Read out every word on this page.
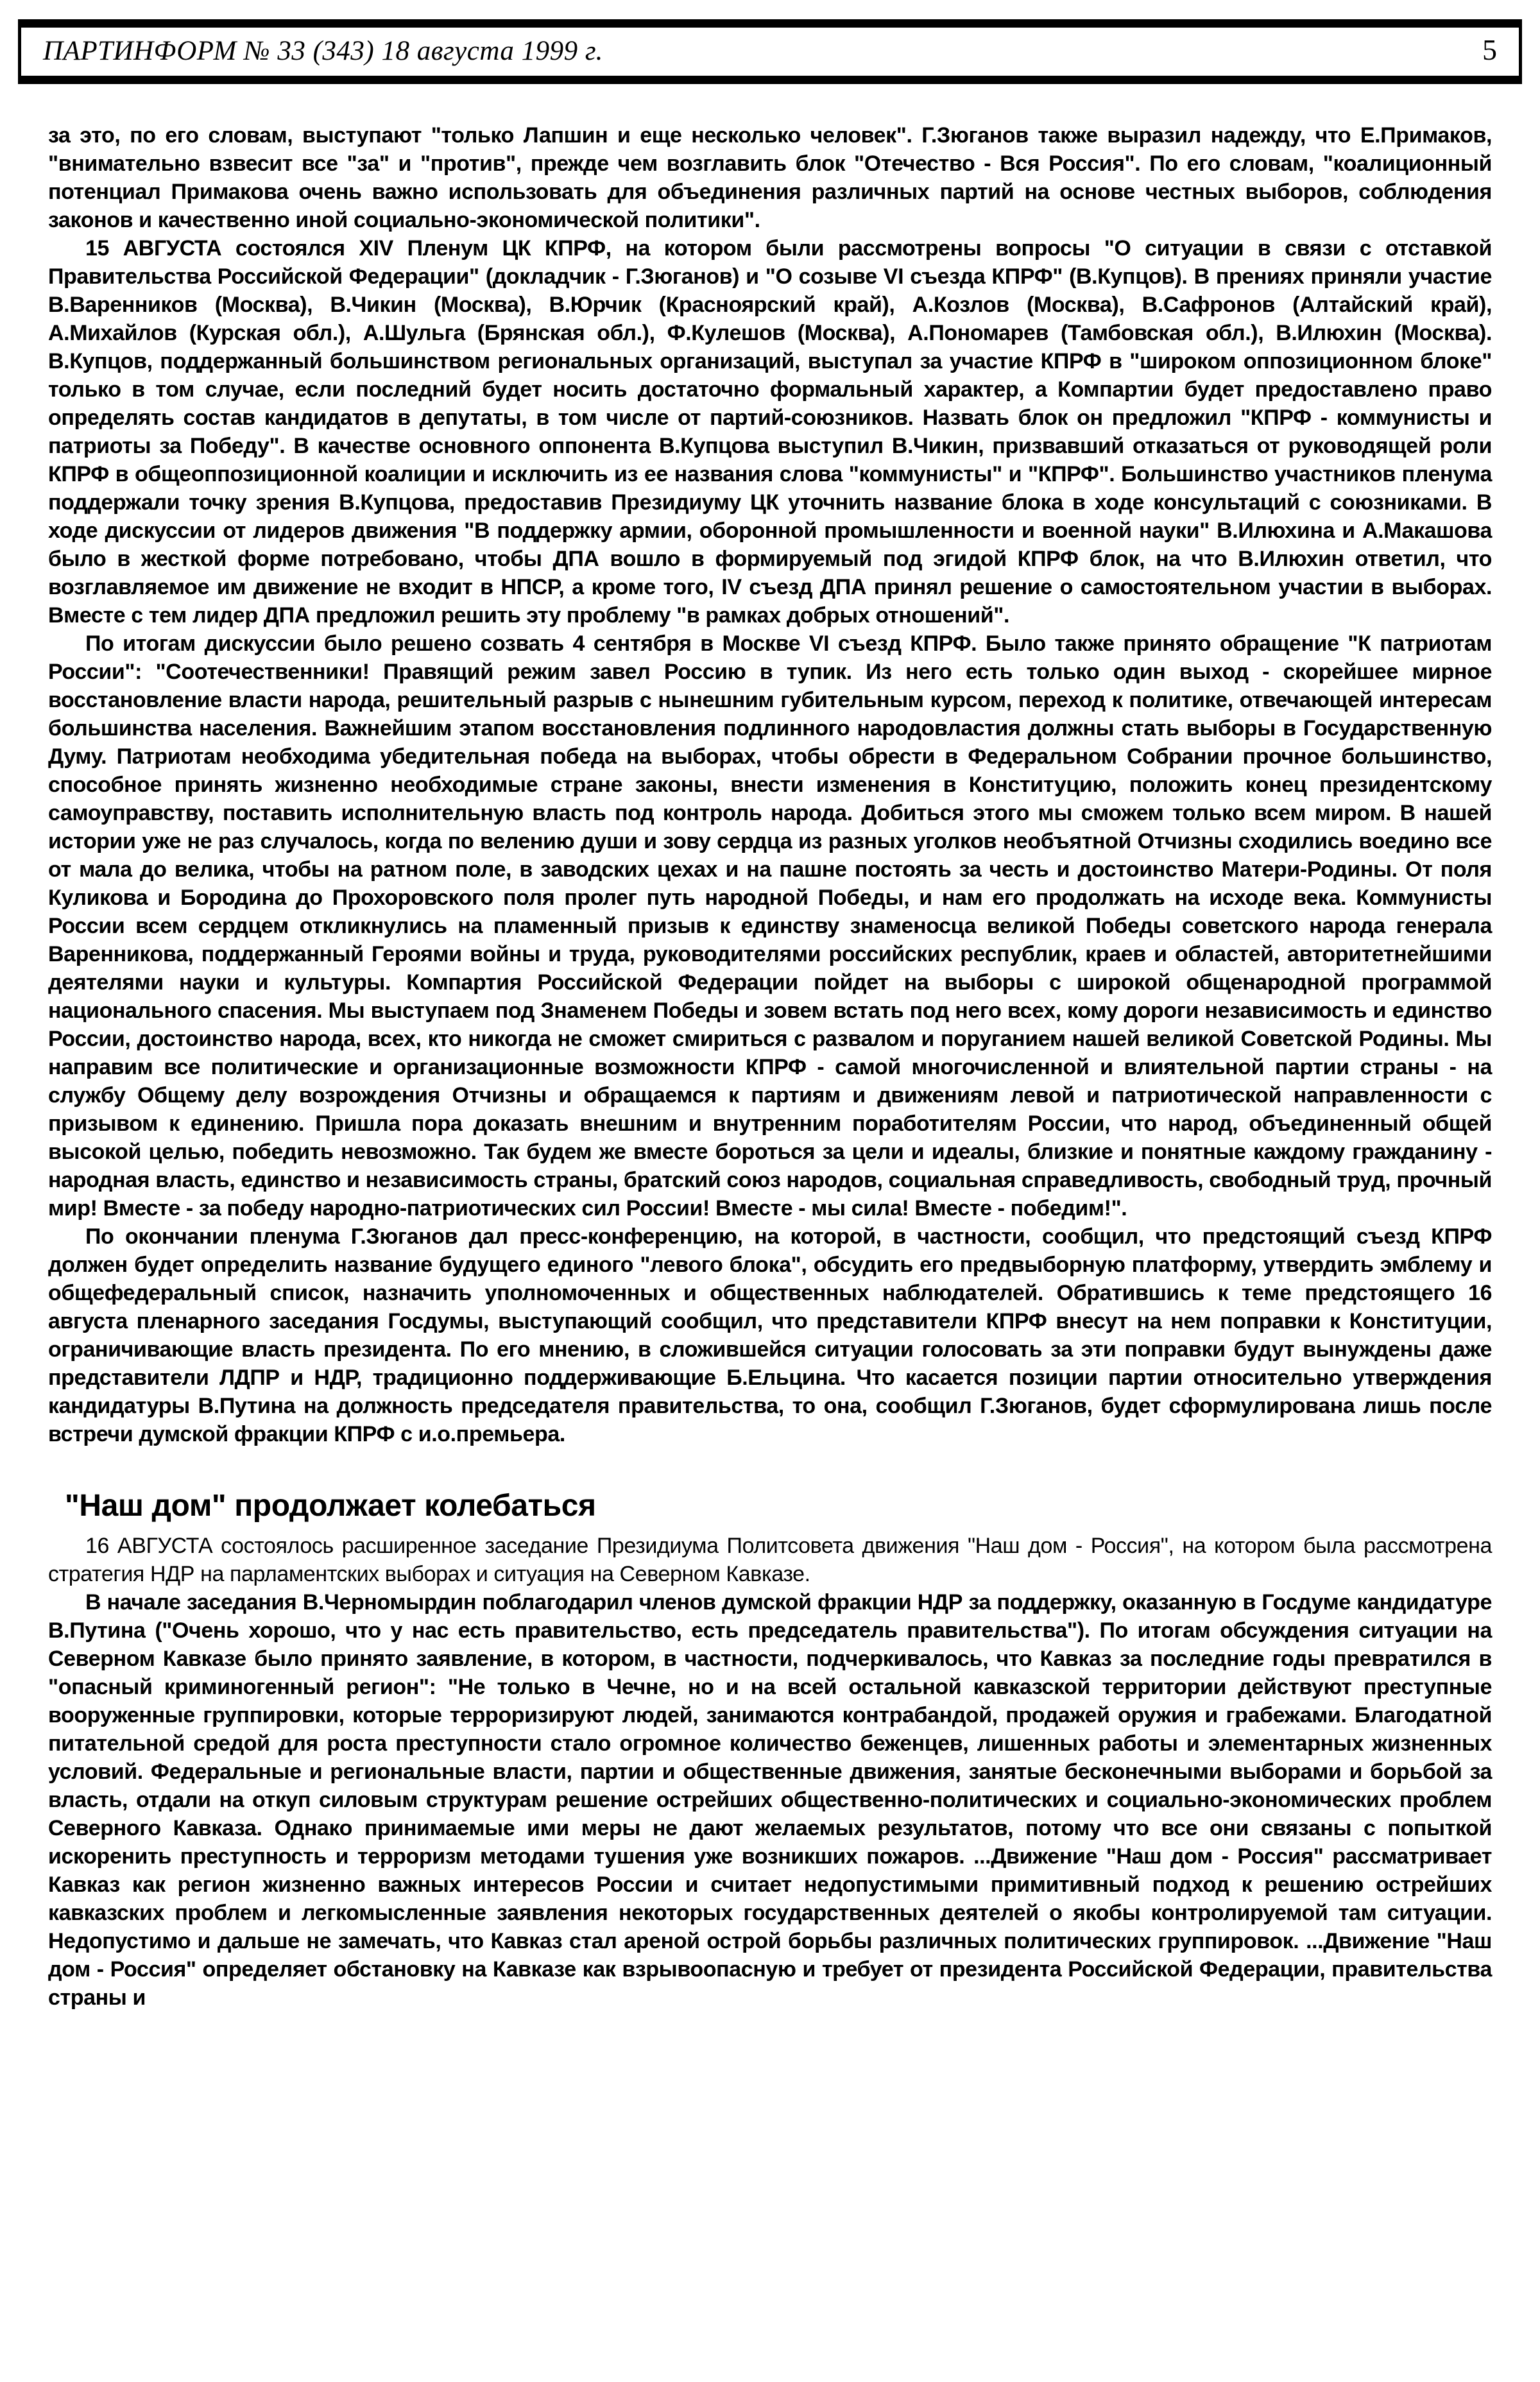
ПАРТИНФОРМ № 33 (343) 18 августа 1999 г.	5

за это, по его словам, выступают "только Лапшин и еще несколько человек". Г.Зюганов также выразил надежду, что Е.Примаков, "внимательно взвесит все "за" и "против", прежде чем возглавить блок "Отечество - Вся Россия". По его словам, "коалиционный потенциал Примакова очень важно использовать для объединения различных партий на основе честных выборов, соблюдения законов и качественно иной социально-экономической политики".

15 АВГУСТА состоялся XIV Пленум ЦК КПРФ, на котором были рассмотрены вопросы "О ситуации в связи с отставкой Правительства Российской Федерации" (докладчик - Г.Зюганов) и "О созыве VI съезда КПРФ" (В.Купцов). В прениях приняли участие В.Варенников (Москва), В.Чикин (Москва), В.Юрчик (Красноярский край), А.Козлов (Москва), В.Сафронов (Алтайский край), А.Михайлов (Курская обл.), А.Шульга (Брянская обл.), Ф.Кулешов (Москва), А.Пономарев (Тамбовская обл.), В.Илюхин (Москва). В.Купцов, поддержанный большинством региональных организаций, выступал за участие КПРФ в "широком оппозиционном блоке" только в том случае, если последний будет носить достаточно формальный характер, а Компартии будет предоставлено право определять состав кандидатов в депутаты, в том числе от партий-союзников. Назвать блок он предложил "КПРФ - коммунисты и патриоты за Победу". В качестве основного оппонента В.Купцова выступил В.Чикин, призвавший отказаться от руководящей роли КПРФ в общеоппозиционной коалиции и исключить из ее названия слова "коммунисты" и "КПРФ". Большинство участников пленума поддержали точку зрения В.Купцова, предоставив Президиуму ЦК уточнить название блока в ходе консультаций с союзниками. В ходе дискуссии от лидеров движения "В поддержку армии, оборонной промышленности и военной науки" В.Илюхина и А.Макашова было в жесткой форме потребовано, чтобы ДПА вошло в формируемый под эгидой КПРФ блок, на что В.Илюхин ответил, что возглавляемое им движение не входит в НПСР, а кроме того, IV съезд ДПА принял решение о самостоятельном участии в выборах. Вместе с тем лидер ДПА предложил решить эту проблему "в рамках добрых отношений".

По итогам дискуссии было решено созвать 4 сентября в Москве VI съезд КПРФ. Было также принято обращение "К патриотам России": "Соотечественники! Правящий режим завел Россию в тупик. Из него есть только один выход - скорейшее мирное восстановление власти народа, решительный разрыв с нынешним губительным курсом, переход к политике, отвечающей интересам большинства населения. Важнейшим этапом восстановления подлинного народовластия должны стать выборы в Государственную Думу. Патриотам необходима убедительная победа на выборах, чтобы обрести в Федеральном Собрании прочное большинство, способное принять жизненно необходимые стране законы, внести изменения в Конституцию, положить конец президентскому самоуправству, поставить исполнительную власть под контроль народа. Добиться этого мы сможем только всем миром. В нашей истории уже не раз случалось, когда по велению души и зову сердца из разных уголков необъятной Отчизны сходились воедино все от мала до велика, чтобы на ратном поле, в заводских цехах и на пашне постоять за честь и достоинство Матери-Родины. От поля Куликова и Бородина до Прохоровского поля пролег путь народной Победы, и нам его продолжать на исходе века. Коммунисты России всем сердцем откликнулись на пламенный призыв к единству знаменосца великой Победы советского народа генерала Варенникова, поддержанный Героями войны и труда, руководителями российских республик, краев и областей, авторитетнейшими деятелями науки и культуры. Компартия Российской Федерации пойдет на выборы с широкой общенародной программой национального спасения. Мы выступаем под Знаменем Победы и зовем встать под него всех, кому дороги независимость и единство России, достоинство народа, всех, кто никогда не сможет смириться с развалом и поруганием нашей великой Советской Родины. Мы направим все политические и организационные возможности КПРФ - самой многочисленной и влиятельной партии страны - на службу Общему делу возрождения Отчизны и обращаемся к партиям и движениям левой и патриотической направленности с призывом к единению. Пришла пора доказать внешним и внутренним поработителям России, что народ, объединенный общей высокой целью, победить невозможно. Так будем же вместе бороться за цели и идеалы, близкие и понятные каждому гражданину - народная власть, единство и независимость страны, братский союз народов, социальная справедливость, свободный труд, прочный мир! Вместе - за победу народно-патриотических сил России! Вместе - мы сила! Вместе - победим!".

По окончании пленума Г.Зюганов дал пресс-конференцию, на которой, в частности, сообщил, что предстоящий съезд КПРФ должен будет определить название будущего единого "левого блока", обсудить его предвыборную платформу, утвердить эмблему и общефедеральный список, назначить уполномоченных и общественных наблюдателей. Обратившись к теме предстоящего 16 августа пленарного заседания Госдумы, выступающий сообщил, что представители КПРФ внесут на нем поправки к Конституции, ограничивающие власть президента. По его мнению, в сложившейся ситуации голосовать за эти поправки будут вынуждены даже представители ЛДПР и НДР, традиционно поддерживающие Б.Ельцина. Что касается позиции партии относительно утверждения кандидатуры В.Путина на должность председателя правительства, то она, сообщил Г.Зюганов, будет сформулирована лишь после встречи думской фракции КПРФ с и.о.премьера.

"Наш дом" продолжает колебаться

16 АВГУСТА состоялось расширенное заседание Президиума Политсовета движения "Наш дом - Россия", на котором была рассмотрена стратегия НДР на парламентских выборах и ситуация на Северном Кавказе.

В начале заседания В.Черномырдин поблагодарил членов думской фракции НДР за поддержку, оказанную в Госдуме кандидатуре В.Путина ("Очень хорошо, что у нас есть правительство, есть председатель правительства"). По итогам обсуждения ситуации на Северном Кавказе было принято заявление, в котором, в частности, подчеркивалось, что Кавказ за последние годы превратился в "опасный криминогенный регион": "Не только в Чечне, но и на всей остальной кавказской территории действуют преступные вооруженные группировки, которые терроризируют людей, занимаются контрабандой, продажей оружия и грабежами. Благодатной питательной средой для роста преступности стало огромное количество беженцев, лишенных работы и элементарных жизненных условий. Федеральные и региональные власти, партии и общественные движения, занятые бесконечными выборами и борьбой за власть, отдали на откуп силовым структурам решение острейших общественно-политических и социально-экономических проблем Северного Кавказа. Однако принимаемые ими меры не дают желаемых результатов, потому что все они связаны с попыткой искоренить преступность и терроризм методами тушения уже возникших пожаров. ...Движение "Наш дом - Россия" рассматривает Кавказ как регион жизненно важных интересов России и считает недопустимыми примитивный подход к решению острейших кавказских проблем и легкомысленные заявления некоторых государственных деятелей о якобы контролируемой там ситуации. Недопустимо и дальше не замечать, что Кавказ стал ареной острой борьбы различных политических группировок. ...Движение "Наш дом - Россия" определяет обстановку на Кавказе как взрывоопасную и требует от президента Российской Федерации, правительства страны и
